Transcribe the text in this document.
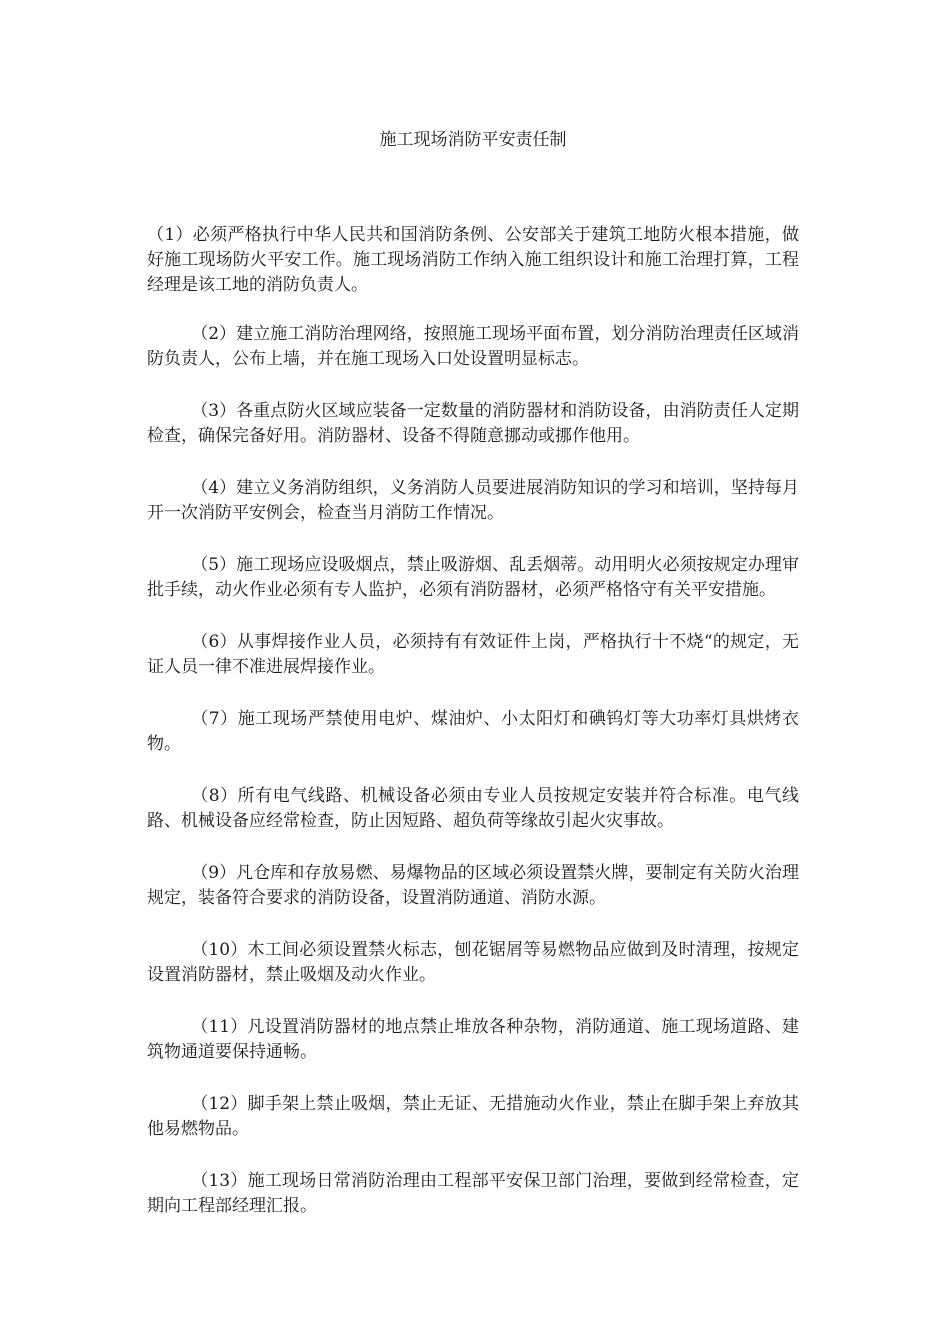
施工现场消防平安责任制

（1）必须严格执行中华人民共和国消防条例、公安部关于建筑工地防火根本措施，做好施工现场防火平安工作。施工现场消防工作纳入施工组织设计和施工治理打算，工程经理是该工地的消防负责人。

（2）建立施工消防治理网络，按照施工现场平面布置，划分消防治理责任区域消防负责人，公布上墙，并在施工现场入口处设置明显标志。

（3）各重点防火区域应装备一定数量的消防器材和消防设备，由消防责任人定期检查，确保完备好用。消防器材、设备不得随意挪动或挪作他用。

（4）建立义务消防组织，义务消防人员要进展消防知识的学习和培训，坚持每月开一次消防平安例会，检查当月消防工作情况。

（5）施工现场应设吸烟点，禁止吸游烟、乱丢烟蒂。动用明火必须按规定办理审批手续，动火作业必须有专人监护，必须有消防器材，必须严格恪守有关平安措施。

（6）从事焊接作业人员，必须持有有效证件上岗，严格执行十不烧“的规定，无证人员一律不准进展焊接作业。

（7）施工现场严禁使用电炉、煤油炉、小太阳灯和碘钨灯等大功率灯具烘烤衣物。

（8）所有电气线路、机械设备必须由专业人员按规定安装并符合标准。电气线路、机械设备应经常检查，防止因短路、超负荷等缘故引起火灾事故。

（9）凡仓库和存放易燃、易爆物品的区域必须设置禁火牌，要制定有关防火治理规定，装备符合要求的消防设备，设置消防通道、消防水源。

（10）木工间必须设置禁火标志，刨花锯屑等易燃物品应做到及时清理，按规定设置消防器材，禁止吸烟及动火作业。

（11）凡设置消防器材的地点禁止堆放各种杂物，消防通道、施工现场道路、建筑物通道要保持通畅。

（12）脚手架上禁止吸烟，禁止无证、无措施动火作业，禁止在脚手架上弃放其他易燃物品。

（13）施工现场日常消防治理由工程部平安保卫部门治理，要做到经常检查，定期向工程部经理汇报。
